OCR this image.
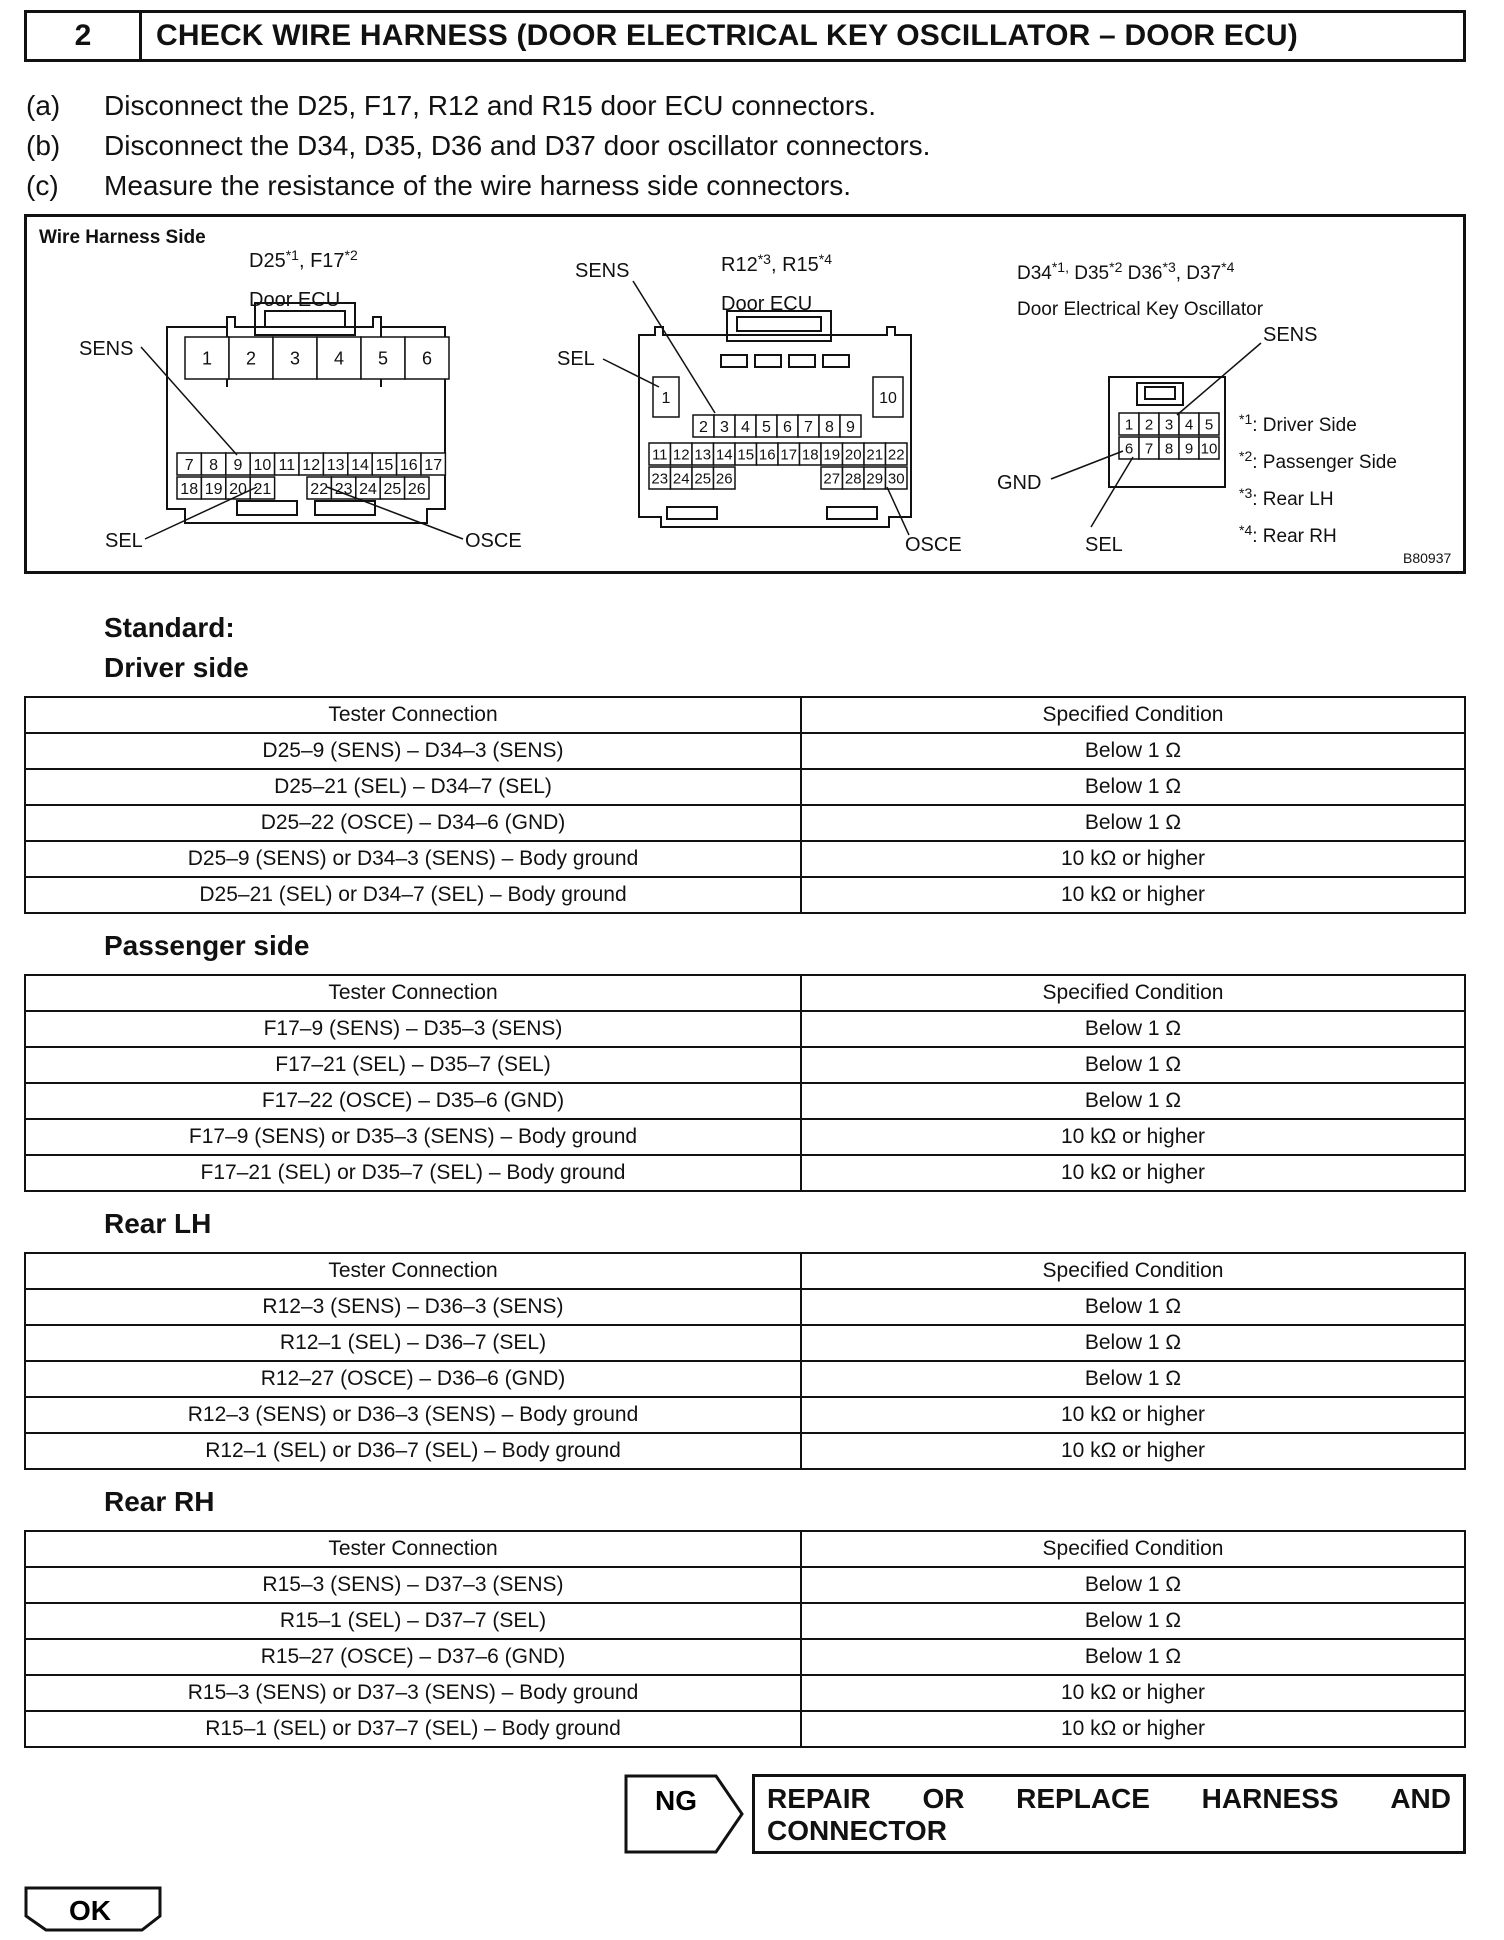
2	CHECK WIRE HARNESS (DOOR ELECTRICAL KEY OSCILLATOR – DOOR ECU)
(a)	Disconnect the D25, F17, R12 and R15 door ECU connectors.
(b)	Disconnect the D34, D35, D36 and D37 door oscillator connectors.
(c)	Measure the resistance of the wire harness side connectors.
Wire Harness Side
B80937
D25$^{*1}$, F17$^{*2}$
Door ECU
1 2 3 4 5 6
7 8 9 10 11 12 13 14 15 16 17
18 19 20 21 22 23 24 25 26
SENS
SEL	OSCE
SENS	R12$^{*3}$, R15$^{*4}$
Door ECU
SEL
OSCE
1	10
2 3 4 5 6 7 8 9
11 12 13 14 15 16 17 18 19 20 21 22
23 24 25 26	27 28 29 30
$D34^{*1,}$ D35$^{*2}$ D36$^{*3}$, D37$^{*4}$
Door Electrical Key Oscillator
1 2 3 4 5
6 7 8 9 10
SENS
GND
SEL
$^{*1}$: Driver Side
$^{*2}$: Passenger Side
$^{*3}$: Rear LH
$^{*4}$: Rear RH
Standard:
Driver side
Tester Connection	Specified Condition
D25–9 (SENS) – D34–3 (SENS)	Below 1 Ω
D25–21 (SEL) – D34–7 (SEL)	Below 1 Ω
D25–22 (OSCE) – D34–6 (GND)	Below 1 Ω
D25–9 (SENS) or D34–3 (SENS) – Body ground	10 kΩ or higher
D25–21 (SEL) or D34–7 (SEL) – Body ground	10 kΩ or higher
Passenger side
Tester Connection	Specified Condition
F17–9 (SENS) – D35–3 (SENS)	Below 1 Ω
F17–21 (SEL) – D35–7 (SEL)	Below 1 Ω
F17–22 (OSCE) – D35–6 (GND)	Below 1 Ω
F17–9 (SENS) or D35–3 (SENS) – Body ground	10 kΩ or higher
F17–21 (SEL) or D35–7 (SEL) – Body ground	10 kΩ or higher
Rear LH
Tester Connection	Specified Condition
R12–3 (SENS) – D36–3 (SENS)	Below 1 Ω
R12–1 (SEL) – D36–7 (SEL)	Below 1 Ω
R12–27 (OSCE) – D36–6 (GND)	Below 1 Ω
R12–3 (SENS) or D36–3 (SENS) – Body ground	10 kΩ or higher
R12–1 (SEL) or D36–7 (SEL) – Body ground	10 kΩ or higher
Rear RH
Tester Connection	Specified Condition
R15–3 (SENS) – D37–3 (SENS)	Below 1 Ω
R15–1 (SEL) – D37–7 (SEL)	Below 1 Ω
R15–27 (OSCE) – D37–6 (GND)	Below 1 Ω
R15–3 (SENS) or D37–3 (SENS) – Body ground	10 kΩ or higher
R15–1 (SEL) or D37–7 (SEL) – Body ground	10 kΩ or higher
NG	REPAIR OR REPLACE HARNESS AND
CONNECTOR
OK
